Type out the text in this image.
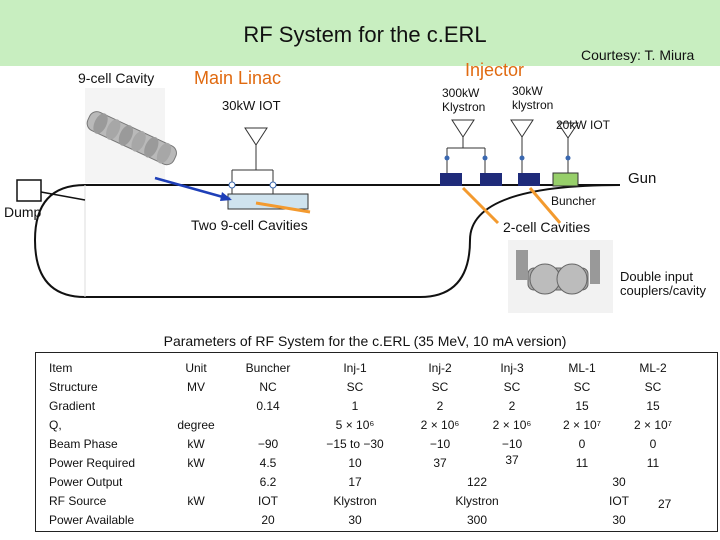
RF System for the c.ERL
Courtesy: T. Miura
9-cell Cavity Main Linac
30kW IOT
Injector
300kW
Klystron
30kW
klystron
20kW IOT
Gun
Buncher
Dump
Two 9-cell Cavities	2-cell Cavities
Double input
couplers/cavity
Parameters of RF System for the c.ERL (35 MeV, 10 mA version)
Item
Structure
Gradient
Q,
Beam Phase
Power Required
Power Output
RF Source
Power Available
Unit
MV

degree
kW
kW

kW
Buncher
NC
0.14

−90
4.5
6.2
IOT
20
Inj-1
SC
1
5 × 10⁶
−15 to −30
10
17
Klystron
30
Inj-2
SC
2
2 × 10⁶
−10
37
Inj-3
SC
2
2 × 10⁶
−10
37
122
Klystron
300
ML-1
SC
15
2 × 10⁷
0
11
ML-2
SC
15
2 × 10⁷
0
11
30
IOT
30
27
